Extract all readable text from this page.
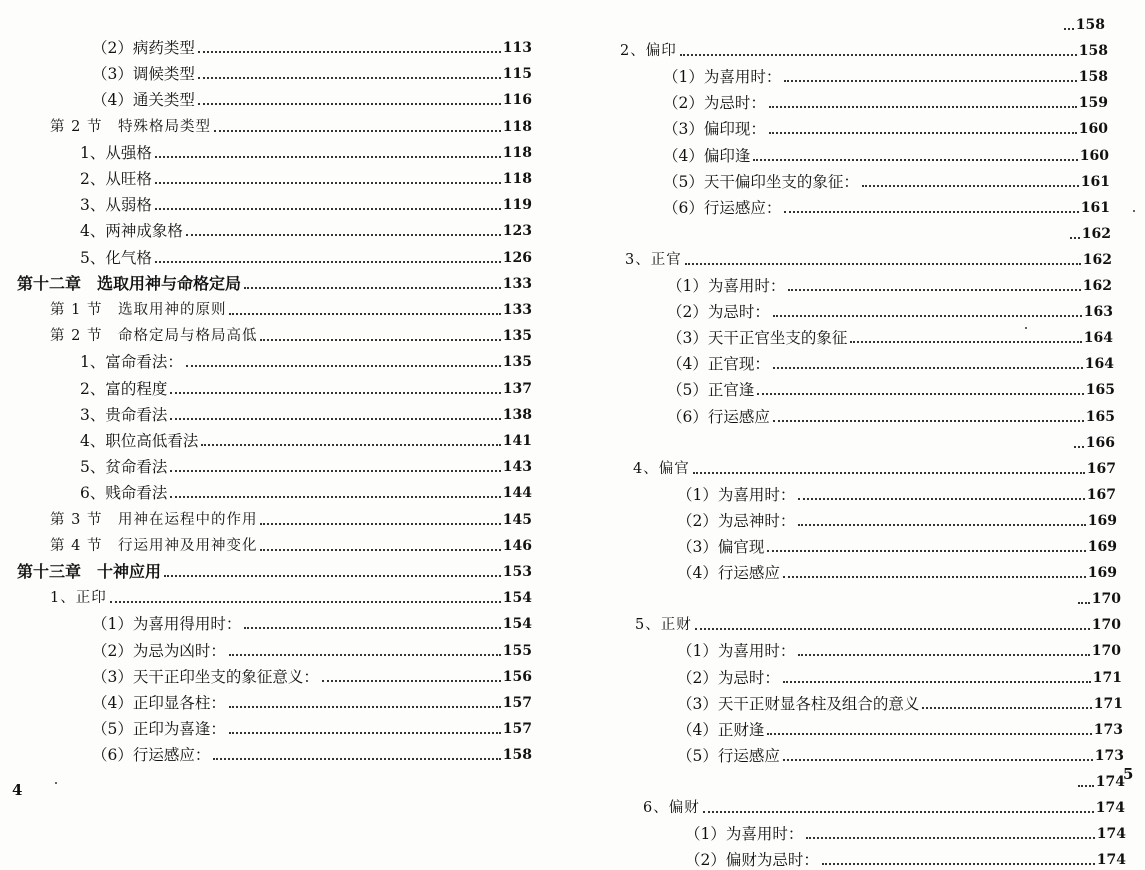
（2）病药类型	113
（3）调候类型	115
（4）通关类型	116
第 2 节　特殊格局类型	118
1、从强格	118
2、从旺格	118
3、从弱格	119
4、两神成象格	123
5、化气格	126
第十二章　选取用神与命格定局	133
第 1 节　选取用神的原则	133
第 2 节　命格定局与格局高低	135
1、富命看法：	135
2、富的程度	137
3、贵命看法	138
4、职位高低看法	141
5、贫命看法	143
6、贱命看法	144
第 3 节　用神在运程中的作用	145
第 4 节　行运用神及用神变化	146
第十三章　十神应用	153
1、正印	154
（1）为喜用得用时：	154
（2）为忌为凶时：	155
（3）天干正印坐支的象征意义：	156
（4）正印显各柱：	157
（5）正印为喜逢：	157
（6）行运感应：	158
4
158
2、偏印	158
（1）为喜用时：	158
（2）为忌时：	159
（3）偏印现：	160
（4）偏印逢	160
（5）天干偏印坐支的象征：	161
（6）行运感应：	161
162
3、正官	162
（1）为喜用时：	162
（2）为忌时：	163
（3）天干正官坐支的象征	164
（4）正官现：	164
（5）正官逢	165
（6）行运感应	165
166
4、偏官	167
（1）为喜用时：	167
（2）为忌神时：	169
（3）偏官现	169
（4）行运感应	169
170
5、正财	170
（1）为喜用时：	170
（2）为忌时：	171
（3）天干正财显各柱及组合的意义	171
（4）正财逢	173
（5）行运感应	173
174
6、偏财	174
（1）为喜用时：	174
（2）偏财为忌时：	174
5
